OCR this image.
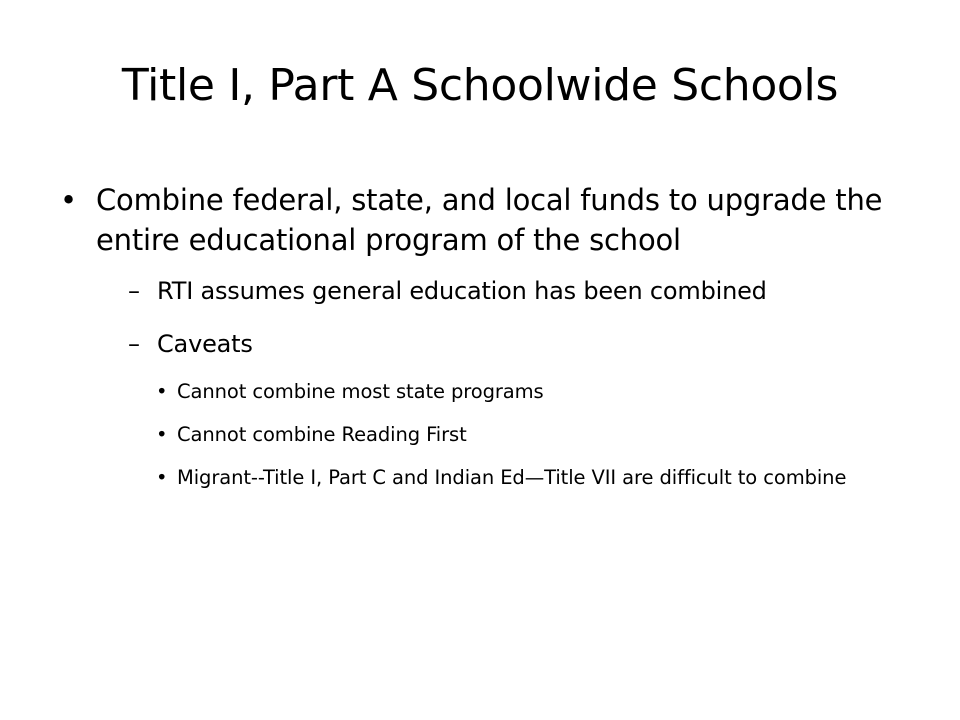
Title I, Part A Schoolwide Schools
• Combine federal, state, and local funds to upgrade the entire educational program of the school
– RTI assumes general education has been combined
– Caveats
• Cannot combine most state programs
• Cannot combine Reading First
• Migrant--Title I, Part C and Indian Ed—Title VII are difficult to combine
